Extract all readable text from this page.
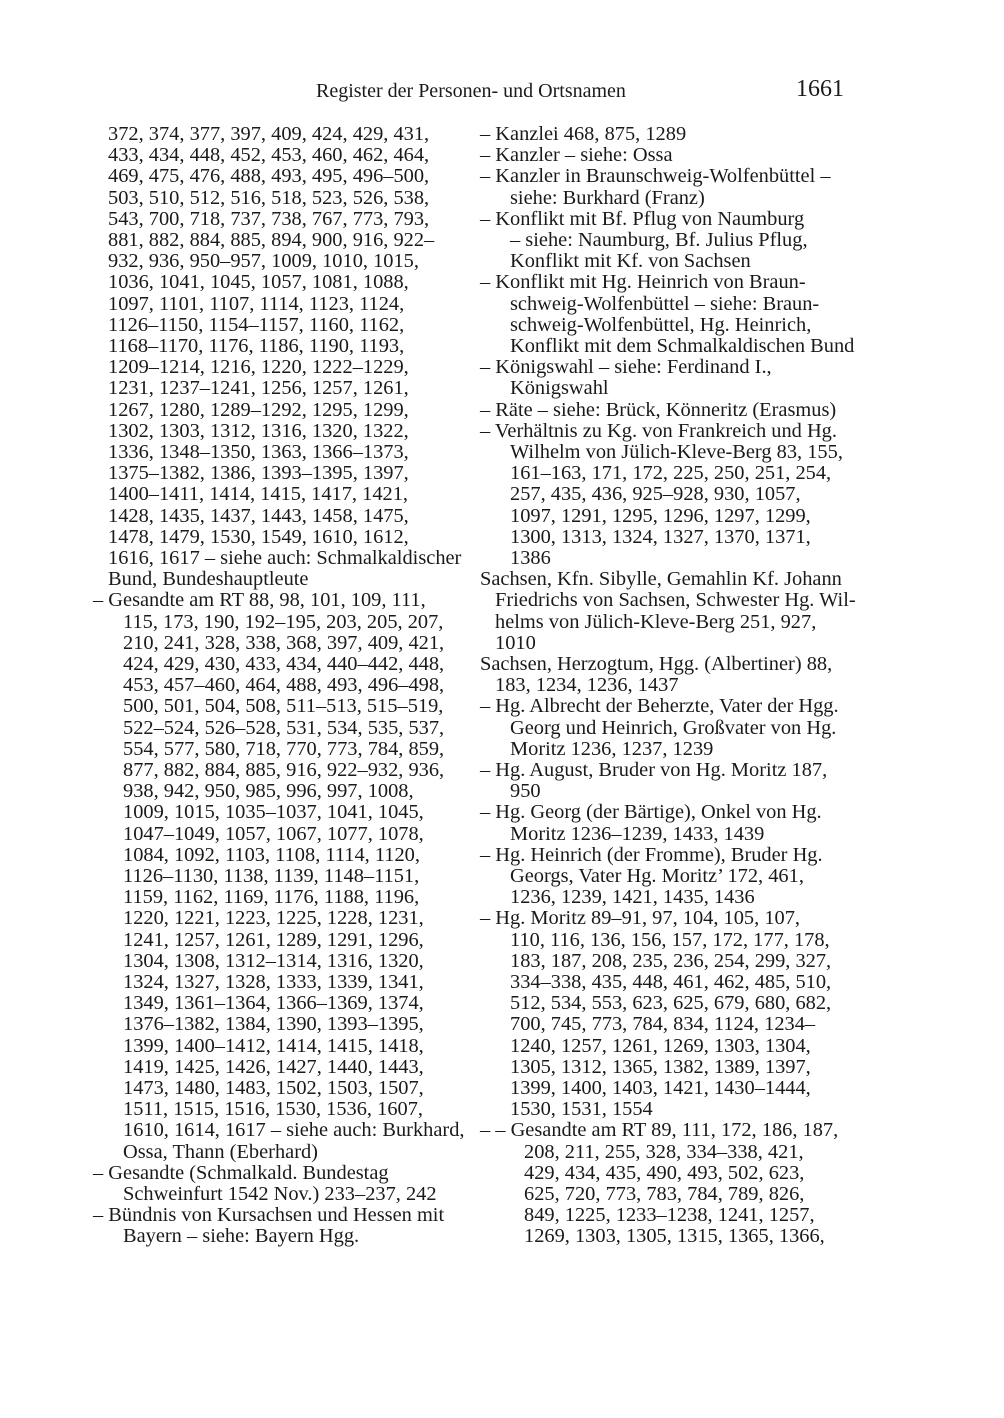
Register der Personen- und Ortsnamen	1661
372, 374, 377, 397, 409, 424, 429, 431,
433, 434, 448, 452, 453, 460, 462, 464,
469, 475, 476, 488, 493, 495, 496–500,
503, 510, 512, 516, 518, 523, 526, 538,
543, 700, 718, 737, 738, 767, 773, 793,
881, 882, 884, 885, 894, 900, 916, 922–
932, 936, 950–957, 1009, 1010, 1015,
1036, 1041, 1045, 1057, 1081, 1088,
1097, 1101, 1107, 1114, 1123, 1124,
1126–1150, 1154–1157, 1160, 1162,
1168–1170, 1176, 1186, 1190, 1193,
1209–1214, 1216, 1220, 1222–1229,
1231, 1237–1241, 1256, 1257, 1261,
1267, 1280, 1289–1292, 1295, 1299,
1302, 1303, 1312, 1316, 1320, 1322,
1336, 1348–1350, 1363, 1366–1373,
1375–1382, 1386, 1393–1395, 1397,
1400–1411, 1414, 1415, 1417, 1421,
1428, 1435, 1437, 1443, 1458, 1475,
1478, 1479, 1530, 1549, 1610, 1612,
1616, 1617 – siehe auch: Schmalkaldischer
Bund, Bundeshauptleute
– Gesandte am RT 88, 98, 101, 109, 111,
115, 173, 190, 192–195, 203, 205, 207,
210, 241, 328, 338, 368, 397, 409, 421,
424, 429, 430, 433, 434, 440–442, 448,
453, 457–460, 464, 488, 493, 496–498,
500, 501, 504, 508, 511–513, 515–519,
522–524, 526–528, 531, 534, 535, 537,
554, 577, 580, 718, 770, 773, 784, 859,
877, 882, 884, 885, 916, 922–932, 936,
938, 942, 950, 985, 996, 997, 1008,
1009, 1015, 1035–1037, 1041, 1045,
1047–1049, 1057, 1067, 1077, 1078,
1084, 1092, 1103, 1108, 1114, 1120,
1126–1130, 1138, 1139, 1148–1151,
1159, 1162, 1169, 1176, 1188, 1196,
1220, 1221, 1223, 1225, 1228, 1231,
1241, 1257, 1261, 1289, 1291, 1296,
1304, 1308, 1312–1314, 1316, 1320,
1324, 1327, 1328, 1333, 1339, 1341,
1349, 1361–1364, 1366–1369, 1374,
1376–1382, 1384, 1390, 1393–1395,
1399, 1400–1412, 1414, 1415, 1418,
1419, 1425, 1426, 1427, 1440, 1443,
1473, 1480, 1483, 1502, 1503, 1507,
1511, 1515, 1516, 1530, 1536, 1607,
1610, 1614, 1617 – siehe auch: Burkhard,
Ossa, Thann (Eberhard)
– Gesandte (Schmalkald. Bundestag
Schweinfurt 1542 Nov.) 233–237, 242
– Bündnis von Kursachsen und Hessen mit
Bayern – siehe: Bayern Hgg.
– Kanzlei 468, 875, 1289
– Kanzler – siehe: Ossa
– Kanzler in Braunschweig-Wolfenbüttel –
siehe: Burkhard (Franz)
– Konflikt mit Bf. Pflug von Naumburg
– siehe: Naumburg, Bf. Julius Pflug,
Konflikt mit Kf. von Sachsen
– Konflikt mit Hg. Heinrich von Braun-
schweig-Wolfenbüttel – siehe: Braun-
schweig-Wolfenbüttel, Hg. Heinrich,
Konflikt mit dem Schmalkaldischen Bund
– Königswahl – siehe: Ferdinand I.,
Königswahl
– Räte – siehe: Brück, Könneritz (Erasmus)
– Verhältnis zu Kg. von Frankreich und Hg.
Wilhelm von Jülich-Kleve-Berg 83, 155,
161–163, 171, 172, 225, 250, 251, 254,
257, 435, 436, 925–928, 930, 1057,
1097, 1291, 1295, 1296, 1297, 1299,
1300, 1313, 1324, 1327, 1370, 1371,
1386
Sachsen, Kfn. Sibylle, Gemahlin Kf. Johann
Friedrichs von Sachsen, Schwester Hg. Wil-
helms von Jülich-Kleve-Berg 251, 927,
1010
Sachsen, Herzogtum, Hgg. (Albertiner) 88,
183, 1234, 1236, 1437
– Hg. Albrecht der Beherzte, Vater der Hgg.
Georg und Heinrich, Großvater von Hg.
Moritz 1236, 1237, 1239
– Hg. August, Bruder von Hg. Moritz 187,
950
– Hg. Georg (der Bärtige), Onkel von Hg.
Moritz 1236–1239, 1433, 1439
– Hg. Heinrich (der Fromme), Bruder Hg.
Georgs, Vater Hg. Moritz’ 172, 461,
1236, 1239, 1421, 1435, 1436
– Hg. Moritz 89–91, 97, 104, 105, 107,
110, 116, 136, 156, 157, 172, 177, 178,
183, 187, 208, 235, 236, 254, 299, 327,
334–338, 435, 448, 461, 462, 485, 510,
512, 534, 553, 623, 625, 679, 680, 682,
700, 745, 773, 784, 834, 1124, 1234–
1240, 1257, 1261, 1269, 1303, 1304,
1305, 1312, 1365, 1382, 1389, 1397,
1399, 1400, 1403, 1421, 1430–1444,
1530, 1531, 1554
– – Gesandte am RT 89, 111, 172, 186, 187,
208, 211, 255, 328, 334–338, 421,
429, 434, 435, 490, 493, 502, 623,
625, 720, 773, 783, 784, 789, 826,
849, 1225, 1233–1238, 1241, 1257,
1269, 1303, 1305, 1315, 1365, 1366,
